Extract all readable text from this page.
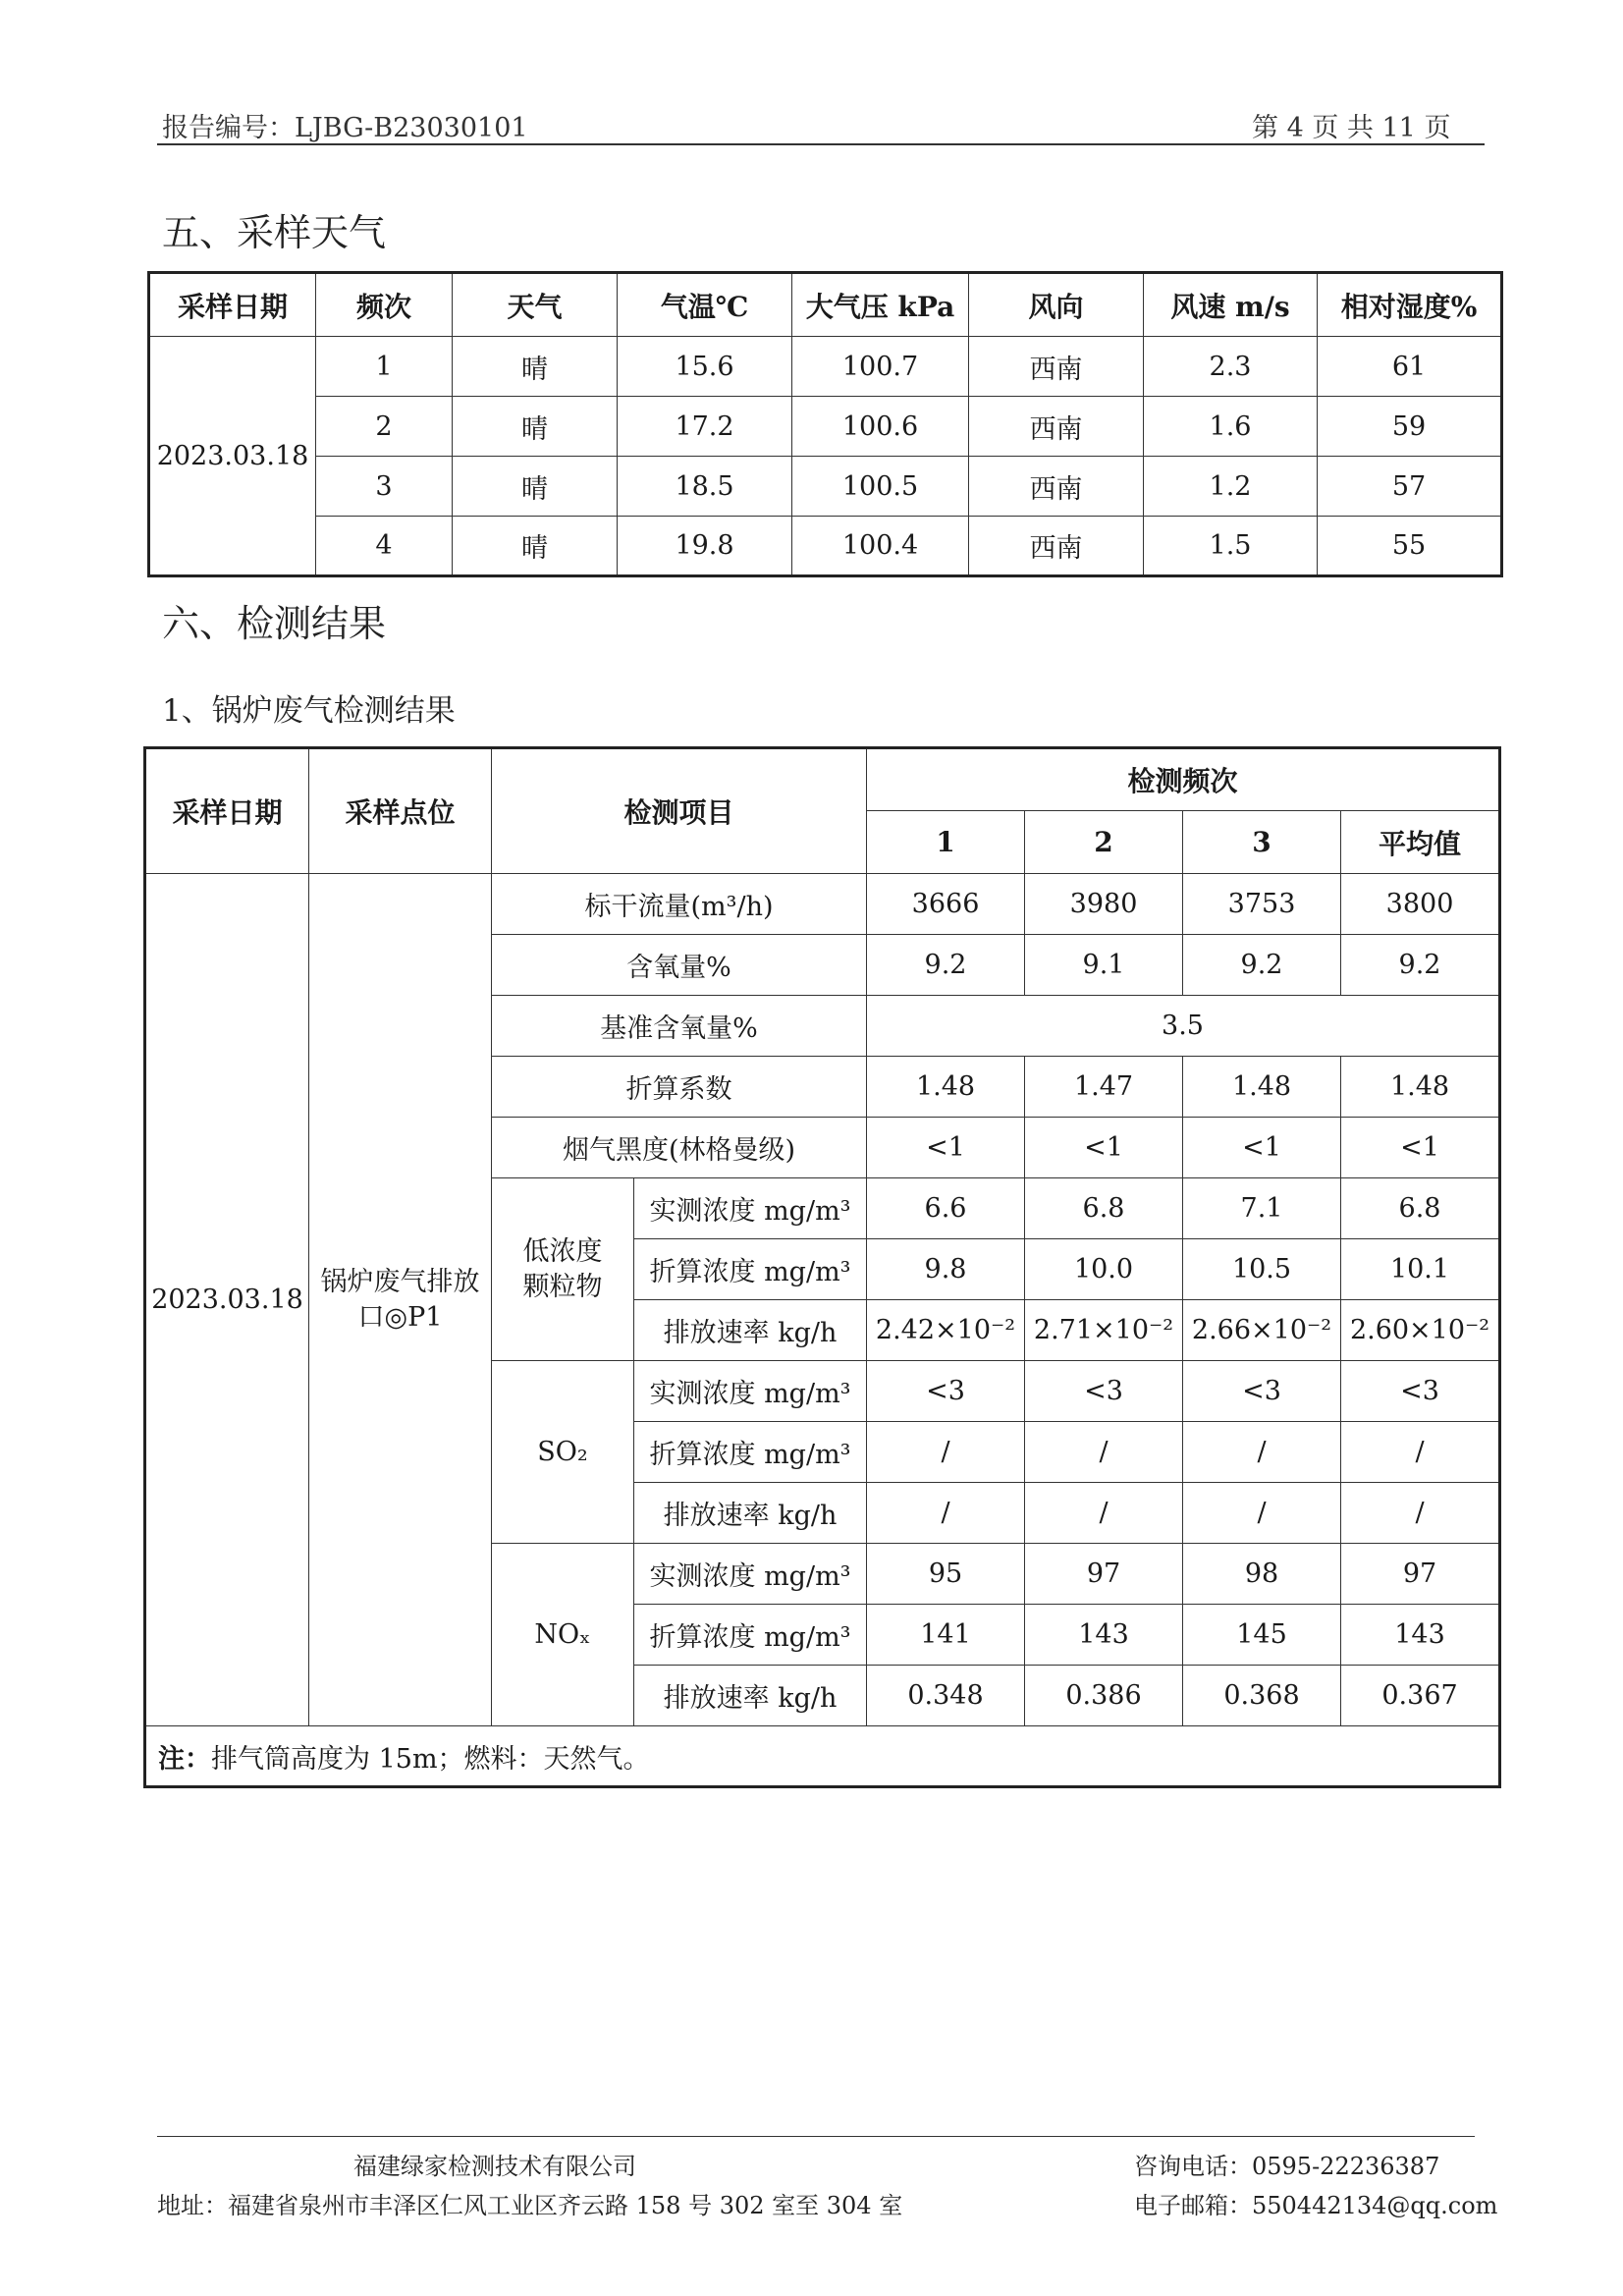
报告编号：LJBG-B23030101	第 4 页 共 11 页
五、采样天气
采样日期	频次	天气	气温℃	大气压 kPa	风向	风速 m/s	相对湿度%
2023.03.18	1	晴	15.6	100.7	西南	2.3	61
	2	晴	17.2	100.6	西南	1.6	59
	3	晴	18.5	100.5	西南	1.2	57
	4	晴	19.8	100.4	西南	1.5	55
六、检测结果
1、锅炉废气检测结果
采样日期	采样点位	检测项目		检测频次			
				1	2	3	平均值
2023.03.18	锅炉废气排放口◎P1	标干流量(m³/h)		3666	3980	3753	3800
		含氧量%		9.2	9.1	9.2	9.2
		基准含氧量%		3.5			
		折算系数		1.48	1.47	1.48	1.48
		烟气黑度(林格曼级)		<1	<1	<1	<1
		低浓度颗粒物	实测浓度 mg/m³	6.6	6.8	7.1	6.8
			折算浓度 mg/m³	9.8	10.0	10.5	10.1
			排放速率 kg/h	2.42×10⁻²	2.71×10⁻²	2.66×10⁻²	2.60×10⁻²
		SO₂	实测浓度 mg/m³	<3	<3	<3	<3
			折算浓度 mg/m³	/	/	/	/
			排放速率 kg/h	/	/	/	/
		NOₓ	实测浓度 mg/m³	95	97	98	97
			折算浓度 mg/m³	141	143	145	143
			排放速率 kg/h	0.348	0.386	0.368	0.367
注：排气筒高度为 15m；燃料：天然气。							
福建绿家检测技术有限公司
地址：福建省泉州市丰泽区仁风工业区齐云路 158 号 302 室至 304 室
咨询电话：0595-22236387
电子邮箱：550442134@qq.com
